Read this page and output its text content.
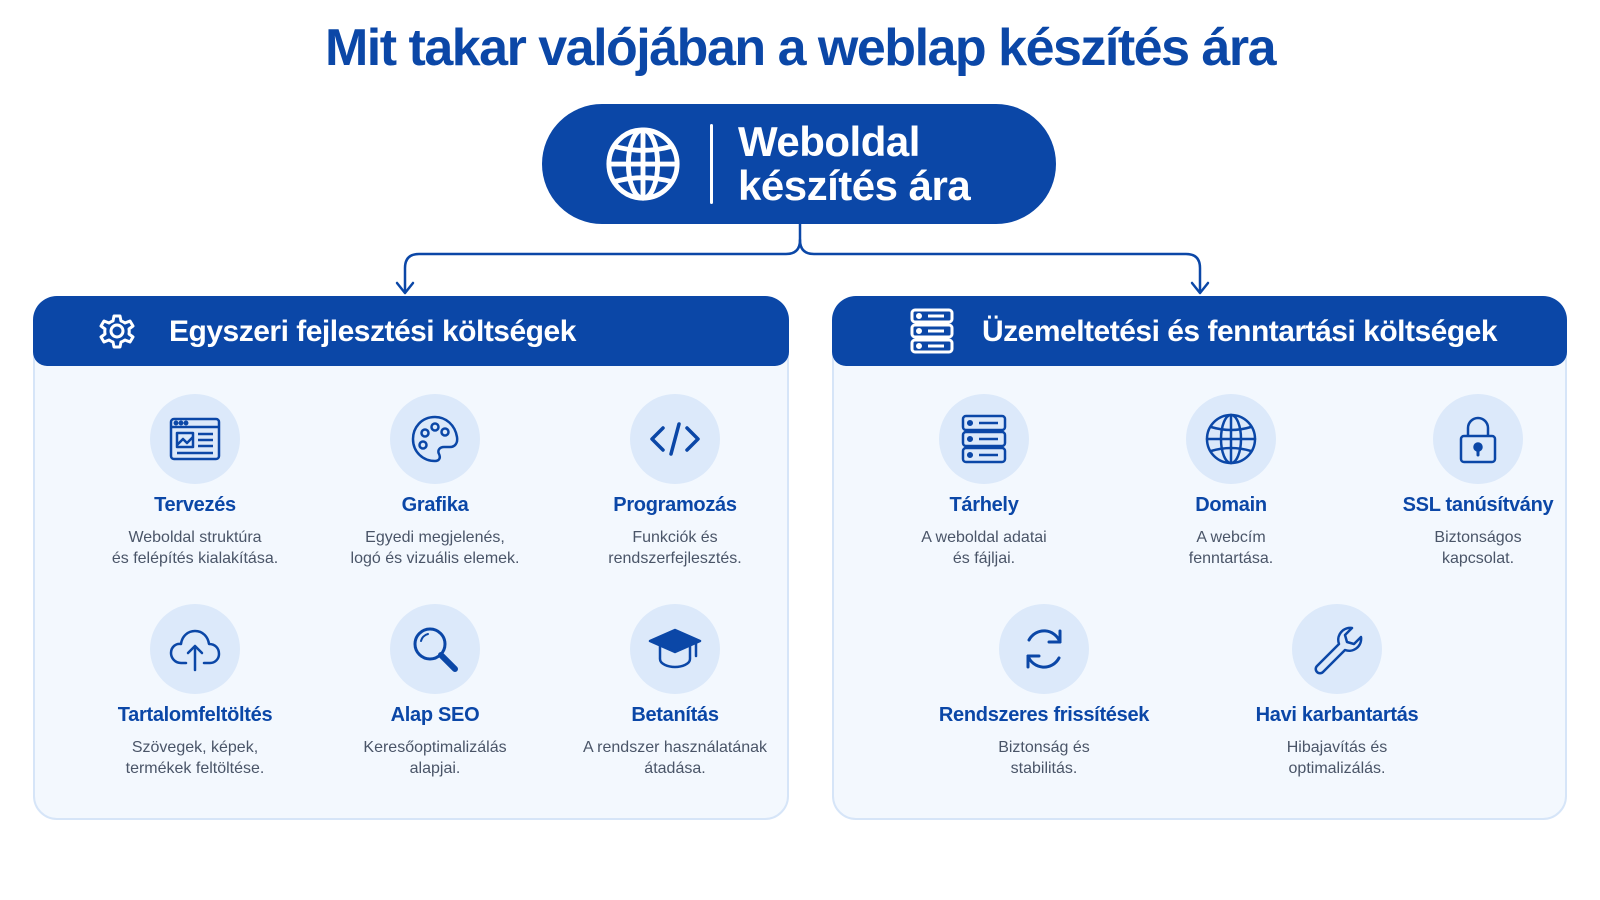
Mit takar valójában a weblap készítés ára
Weboldal
készítés ára
Egyszeri fejlesztési költségek
Tervezés
Weboldal struktúra
és felépítés kialakítása.
Grafika
Egyedi megjelenés,
logó és vizuális elemek.
Programozás
Funkciók és
rendszerfejlesztés.
Tartalomfeltöltés
Szövegek, képek,
termékek feltöltése.
Alap SEO
Keresőoptimalizálás
alapjai.
Betanítás
A rendszer használatának
átadása.
Üzemeltetési és fenntartási költségek
Tárhely
A weboldal adatai
és fájljai.
Domain
A webcím
fenntartása.
SSL tanúsítvány
Biztonságos
kapcsolat.
Rendszeres frissítések
Biztonság és
stabilitás.
Havi karbantartás
Hibajavítás és
optimalizálás.
